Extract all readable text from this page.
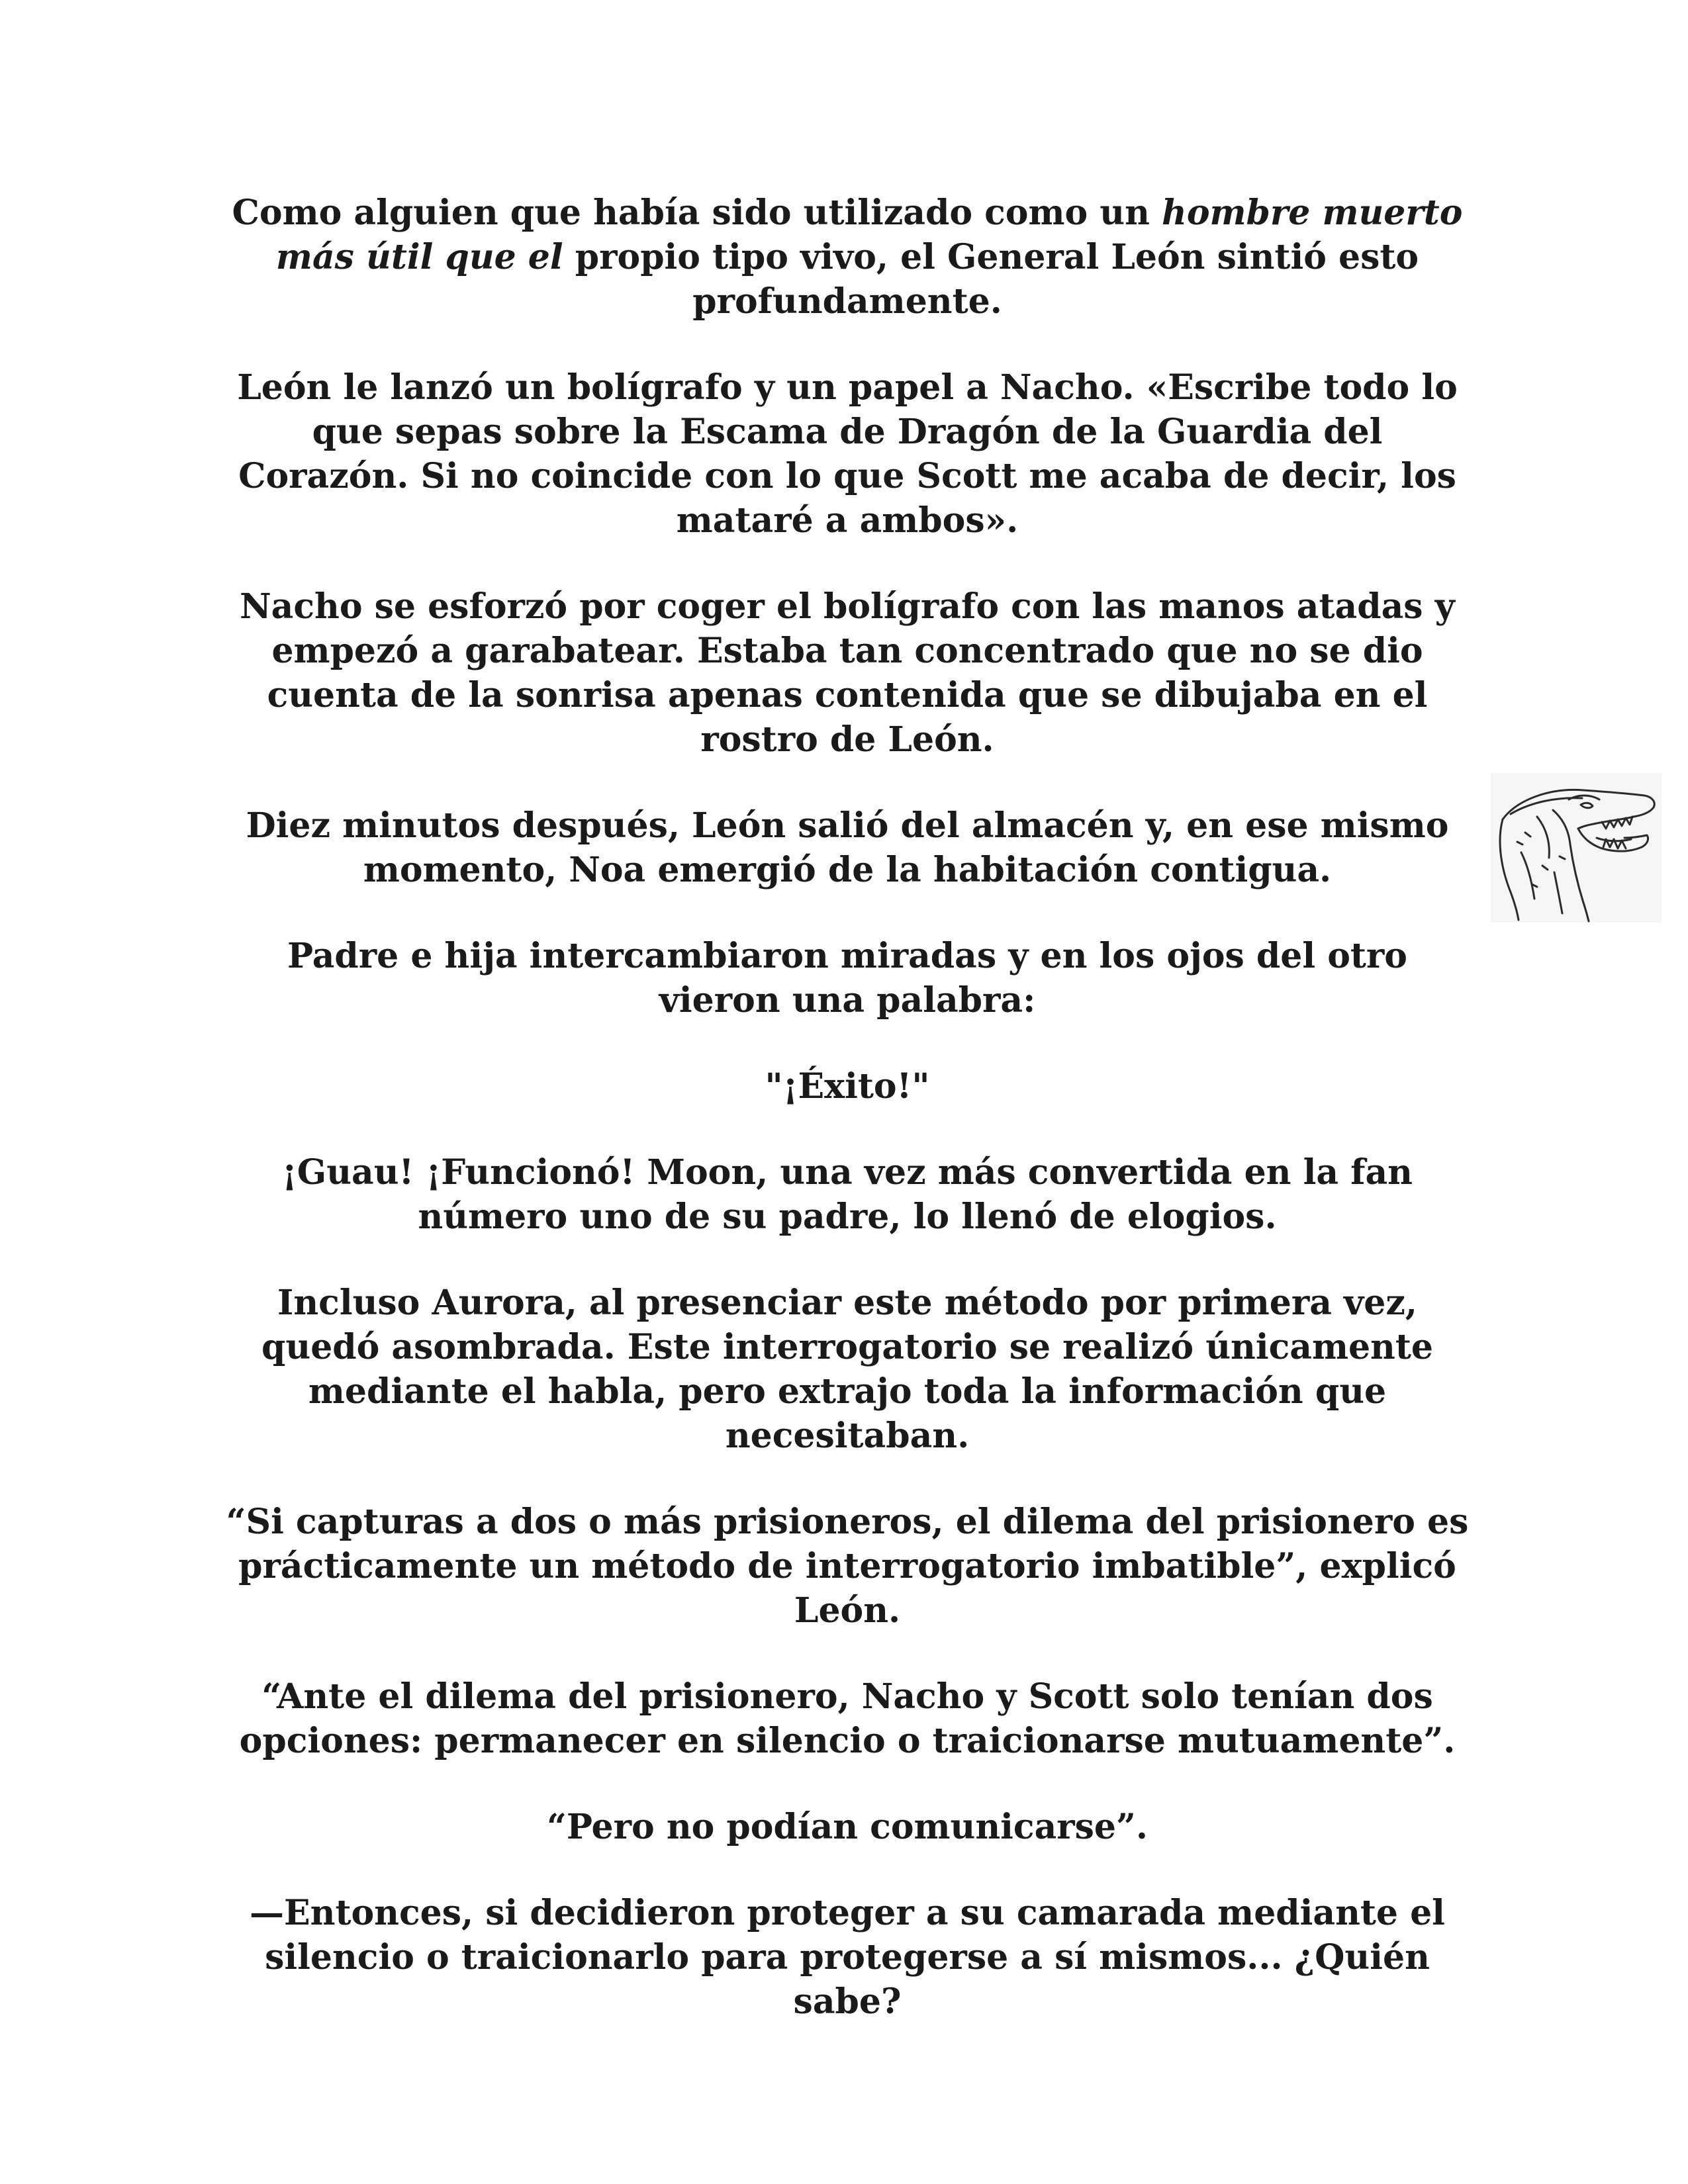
Como alguien que había sido utilizado como un hombre muerto más útil que el propio tipo vivo, el General León sintió esto profundamente.

León le lanzó un bolígrafo y un papel a Nacho. «Escribe todo lo que sepas sobre la Escama de Dragón de la Guardia del Corazón. Si no coincide con lo que Scott me acaba de decir, los mataré a ambos».

Nacho se esforzó por coger el bolígrafo con las manos atadas y empezó a garabatear. Estaba tan concentrado que no se dio cuenta de la sonrisa apenas contenida que se dibujaba en el rostro de León.

Diez minutos después, León salió del almacén y, en ese mismo momento, Noa emergió de la habitación contigua.

Padre e hija intercambiaron miradas y en los ojos del otro vieron una palabra:

"¡Éxito!"

¡Guau! ¡Funcionó! Moon, una vez más convertida en la fan número uno de su padre, lo llenó de elogios.

Incluso Aurora, al presenciar este método por primera vez, quedó asombrada. Este interrogatorio se realizó únicamente mediante el habla, pero extrajo toda la información que necesitaban.

“Si capturas a dos o más prisioneros, el dilema del prisionero es prácticamente un método de interrogatorio imbatible”, explicó León.

“Ante el dilema del prisionero, Nacho y Scott solo tenían dos opciones: permanecer en silencio o traicionarse mutuamente”.

“Pero no podían comunicarse”.

—Entonces, si decidieron proteger a su camarada mediante el silencio o traicionarlo para protegerse a sí mismos... ¿Quién sabe?
